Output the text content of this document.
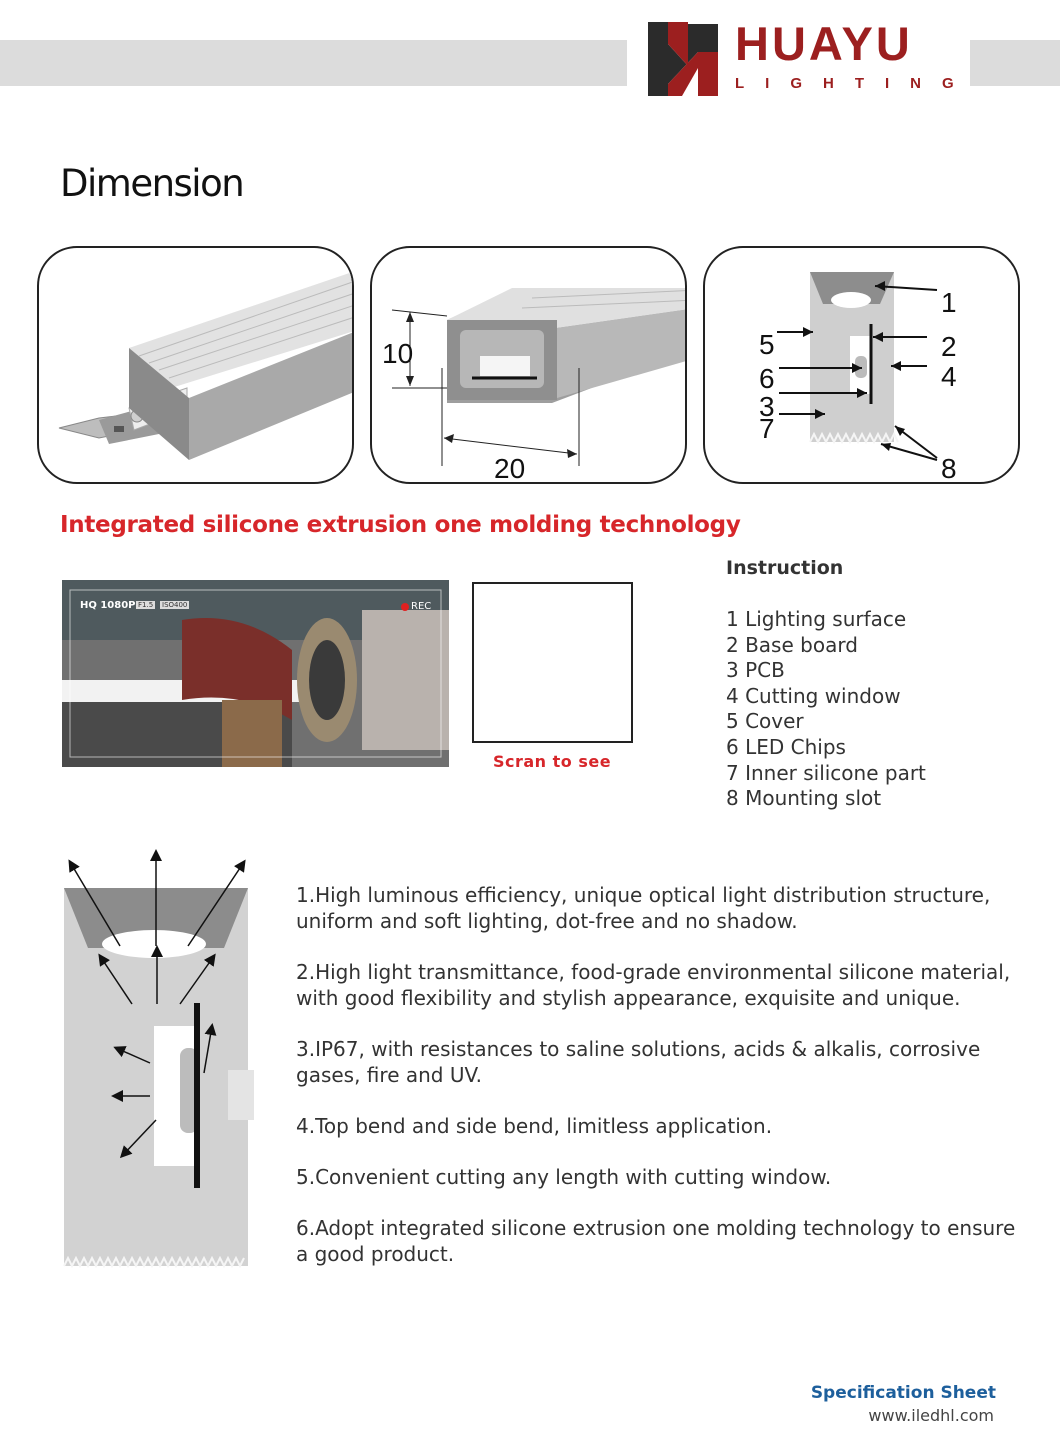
HUAYU
LIGHTING
Dimension
10
20
1
2
4
5
6
3
7
8
Integrated silicone extrusion one molding technology
HQ 1080P F1.5 ISO400	REC
Scran to see
Instruction
1 Lighting surface
2 Base board
3 PCB
4 Cutting window
5 Cover
6 LED Chips
7 Inner silicone part
8 Mounting slot
1.High luminous efficiency, unique optical light distribution structure, uniform and soft lighting, dot-free and no shadow.
2.High light transmittance, food-grade environmental silicone material, with good flexibility and stylish appearance, exquisite and unique.
3.IP67, with resistances to saline solutions, acids & alkalis, corrosive gases, fire and UV.
4.Top bend and side bend, limitless application.
5.Convenient cutting any length with cutting window.
6.Adopt integrated silicone extrusion one molding technology to ensure a good product.
Specification Sheet
www.iledhl.com
